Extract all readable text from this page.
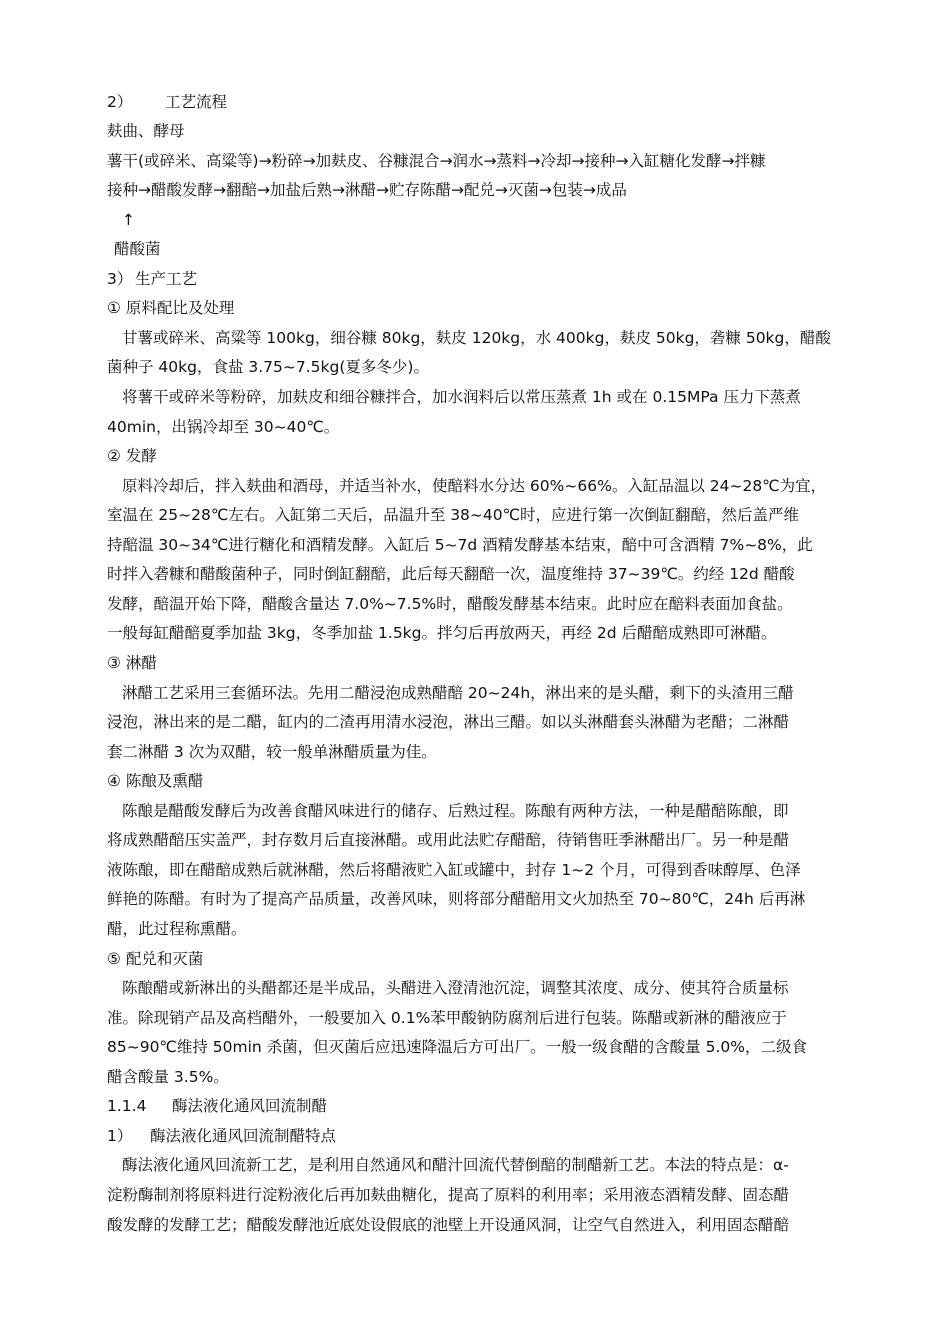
2） 工艺流程
麸曲、酵母
薯干(或碎米、高粱等)→粉碎→加麸皮、谷糠混合→润水→蒸料→冷却→接种→入缸糖化发酵→拌糠
接种→醋酸发酵→翻醅→加盐后熟→淋醋→贮存陈醋→配兑→灭菌→包装→成品
↑
醋酸菌
3） 生产工艺
① 原料配比及处理
甘薯或碎米、高粱等 100kg，细谷糠 80kg，麸皮 120kg，水 400kg，麸皮 50kg，砻糠 50kg，醋酸
菌种子 40kg，食盐 3.75~7.5kg(夏多冬少)。
将薯干或碎米等粉碎，加麸皮和细谷糠拌合，加水润料后以常压蒸煮 1h 或在 0.15MPa 压力下蒸煮
40min，出锅冷却至 30~40℃。
② 发酵
原料冷却后，拌入麸曲和酒母，并适当补水，使醅料水分达 60%~66%。入缸品温以 24~28℃为宜，
室温在 25~28℃左右。入缸第二天后，品温升至 38~40℃时，应进行第一次倒缸翻醅，然后盖严维
持醅温 30~34℃进行糖化和酒精发酵。入缸后 5~7d 酒精发酵基本结束，醅中可含酒精 7%~8%，此
时拌入砻糠和醋酸菌种子，同时倒缸翻醅，此后每天翻醅一次，温度维持 37~39℃。约经 12d 醋酸
发酵，醅温开始下降，醋酸含量达 7.0%~7.5%时，醋酸发酵基本结束。此时应在醅料表面加食盐。
一般每缸醋醅夏季加盐 3kg，冬季加盐 1.5kg。拌匀后再放两天，再经 2d 后醋醅成熟即可淋醋。
③ 淋醋
淋醋工艺采用三套循环法。先用二醋浸泡成熟醋醅 20~24h，淋出来的是头醋，剩下的头渣用三醋
浸泡，淋出来的是二醋，缸内的二渣再用清水浸泡，淋出三醋。如以头淋醋套头淋醋为老醋；二淋醋
套二淋醋 3 次为双醋，较一般单淋醋质量为佳。
④ 陈酿及熏醋
陈酿是醋酸发酵后为改善食醋风味进行的储存、后熟过程。陈酿有两种方法，一种是醋醅陈酿，即
将成熟醋醅压实盖严，封存数月后直接淋醋。或用此法贮存醋醅，待销售旺季淋醋出厂。另一种是醋
液陈酿，即在醋醅成熟后就淋醋，然后将醋液贮入缸或罐中，封存 1~2 个月，可得到香味醇厚、色泽
鲜艳的陈醋。有时为了提高产品质量，改善风味，则将部分醋醅用文火加热至 70~80℃，24h 后再淋
醋，此过程称熏醋。
⑤ 配兑和灭菌
陈酿醋或新淋出的头醋都还是半成品，头醋进入澄清池沉淀，调整其浓度、成分、使其符合质量标
准。除现销产品及高档醋外，一般要加入 0.1%苯甲酸钠防腐剂后进行包装。陈醋或新淋的醋液应于
85~90℃维持 50min 杀菌，但灭菌后应迅速降温后方可出厂。一般一级食醋的含酸量 5.0%，二级食
醋含酸量 3.5%。
1.1.4 酶法液化通风回流制醋
1） 酶法液化通风回流制醋特点
酶法液化通风回流新工艺，是利用自然通风和醋汁回流代替倒醅的制醋新工艺。本法的特点是：α-
淀粉酶制剂将原料进行淀粉液化后再加麸曲糖化，提高了原料的利用率；采用液态酒精发酵、固态醋
酸发酵的发酵工艺；醋酸发酵池近底处设假底的池壁上开设通风洞，让空气自然进入，利用固态醋醅
